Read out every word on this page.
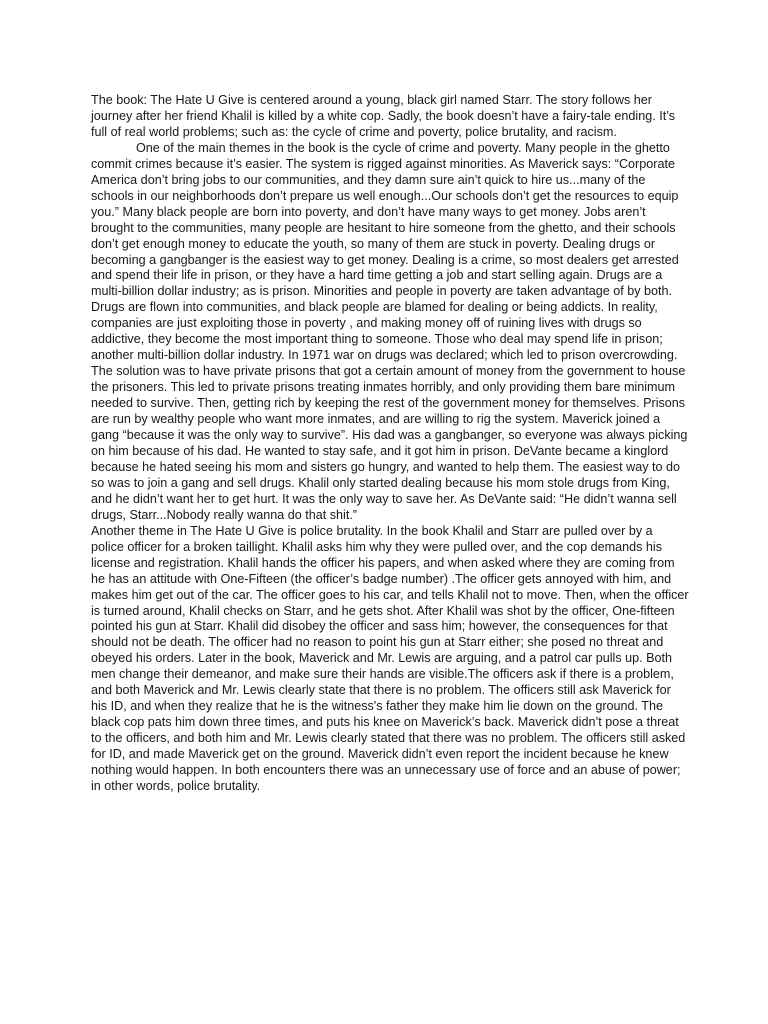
The book: The Hate U Give is centered around a young, black girl named Starr. The story follows her journey after her friend Khalil is killed by a white cop. Sadly, the book doesn’t have a fairy-tale ending. It’s full of real world problems; such as: the cycle of crime and poverty, police brutality, and racism.

One of the main themes in the book is the cycle of crime and poverty. Many people in the ghetto commit crimes because it’s easier. The system is rigged against minorities. As Maverick says: “Corporate America don’t bring jobs to our communities, and they damn sure ain’t quick to hire us...many of the schools in our neighborhoods don’t prepare us well enough...Our schools don’t get the resources to equip you.” Many black people are born into poverty, and don’t have many ways to get money. Jobs aren’t brought to the communities, many people are hesitant to hire someone from the ghetto, and their schools don’t get enough money to educate the youth, so many of them are stuck in poverty. Dealing drugs or becoming a gangbanger is the easiest way to get money. Dealing is a crime, so most dealers get arrested and spend their life in prison, or they have a hard time getting a job and start selling again. Drugs are a multi-billion dollar industry; as is prison. Minorities and people in poverty are taken advantage of by both. Drugs are flown into communities, and black people are blamed for dealing or being addicts. In reality, companies are just exploiting those in poverty , and making money off of ruining lives with drugs so addictive, they become the most important thing to someone. Those who deal may spend life in prison; another multi-billion dollar industry. In 1971 war on drugs was declared; which led to prison overcrowding. The solution was to have private prisons that got a certain amount of money from the government to house the prisoners. This led to private prisons treating inmates horribly, and only providing them bare minimum needed to survive. Then, getting rich by keeping the rest of the government money for themselves. Prisons are run by wealthy people who want more inmates, and are willing to rig the system. Maverick joined a gang “because it was the only way to survive”. His dad was a gangbanger, so everyone was always picking on him because of his dad. He wanted to stay safe, and it got him in prison. DeVante became a kinglord because he hated seeing his mom and sisters go hungry, and wanted to help them. The easiest way to do so was to join a gang and sell drugs. Khalil only started dealing because his mom stole drugs from King, and he didn’t want her to get hurt. It was the only way to save her. As DeVante said: “He didn’t wanna sell drugs, Starr...Nobody really wanna do that shit.”

Another theme in The Hate U Give is police brutality. In the book Khalil and Starr are pulled over by a police officer for a broken taillight. Khalil asks him why they were pulled over, and the cop demands his license and registration. Khalil hands the officer his papers, and when asked where they are coming from he has an attitude with One-Fifteen (the officer’s badge number) .The officer gets annoyed with him, and makes him get out of the car. The officer goes to his car, and tells Khalil not to move. Then, when the officer is turned around, Khalil checks on Starr, and he gets shot. After Khalil was shot by the officer, One-fifteen pointed his gun at Starr. Khalil did disobey the officer and sass him; however, the consequences for that should not be death. The officer had no reason to point his gun at Starr either; she posed no threat and obeyed his orders. Later in the book, Maverick and Mr. Lewis are arguing, and a patrol car pulls up. Both men change their demeanor, and make sure their hands are visible.The officers ask if there is a problem, and both Maverick and Mr. Lewis clearly state that there is no problem. The officers still ask Maverick for his ID, and when they realize that he is the witness's father they make him lie down on the ground. The black cop pats him down three times, and puts his knee on Maverick’s back. Maverick didn’t pose a threat to the officers, and both him and Mr. Lewis clearly stated that there was no problem. The officers still asked for ID, and made Maverick get on the ground. Maverick didn’t even report the incident because he knew nothing would happen. In both encounters there was an unnecessary use of force and an abuse of power; in other words, police brutality.
